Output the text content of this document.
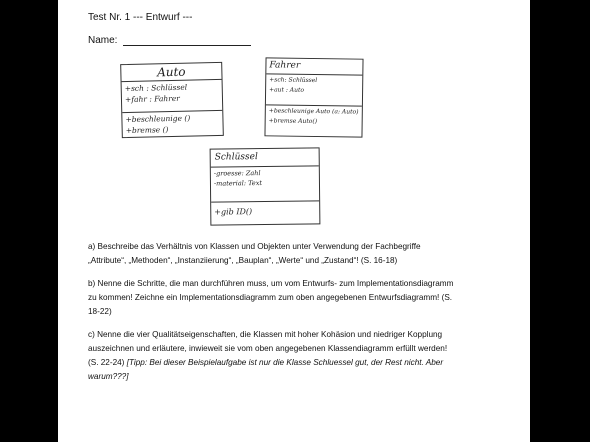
Test Nr. 1 --- Entwurf ---
Name:
Auto
+sch : Schlüssel
+fahr : Fahrer
+beschleunige ()
+bremse ()
Fahrer
+sch: Schlüssel
+aut : Auto
+beschleunige Auto (a: Auto)
+bremse Auto()
Schlüssel
-groesse: Zahl
-material: Text
+gib ID()
a) Beschreibe das Verhältnis von Klassen und Objekten unter Verwendung der Fachbegriffe
„Attribute“, „Methoden“, „Instanziierung“, „Bauplan“, „Werte“ und „Zustand“! (S. 16-18)
b) Nenne die Schritte, die man durchführen muss, um vom Entwurfs- zum Implementationsdiagramm
zu kommen! Zeichne ein Implementationsdiagramm zum oben angegebenen Entwurfsdiagramm! (S.
18-22)
c) Nenne die vier Qualitätseigenschaften, die Klassen mit hoher Kohäsion und niedriger Kopplung
auszeichnen und erläutere, inwieweit sie vom oben angegebenen Klassendiagramm erfüllt werden!
(S. 22-24) [Tipp: Bei dieser Beispielaufgabe ist nur die Klasse Schluessel gut, der Rest nicht. Aber
warum???]
